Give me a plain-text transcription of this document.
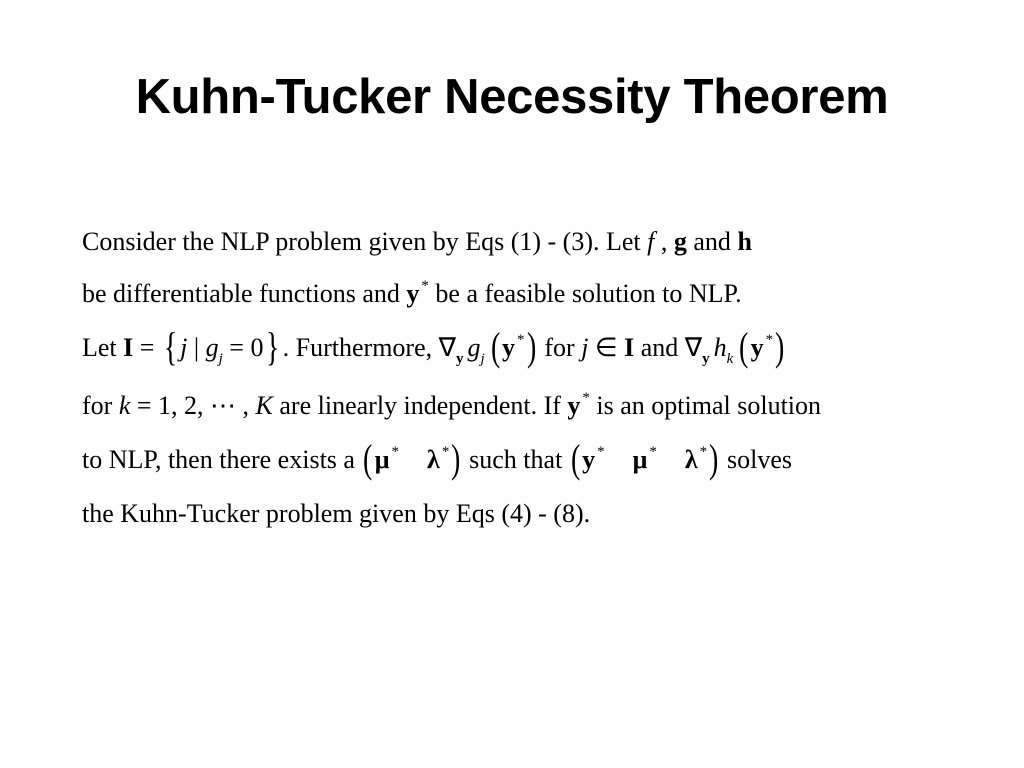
Kuhn-Tucker Necessity Theorem
Consider the NLP problem given by Eqs (1) - (3). Let f , g and h
be differentiable functions and y * be a feasible solution to NLP.
Let I = { j | $g_j = 0$} . Furthermore, $\nabla_y$ $g_j$ (y *) for j ∈ I and $\nabla_y$ $h_k$ (y *)
for k = 1, 2, ⋯ , K are linearly independent. If y * is an optimal solution
to NLP, then there exists a (μ * λ *) such that (y * μ * λ *) solves
the Kuhn-Tucker problem given by Eqs (4) - (8).
